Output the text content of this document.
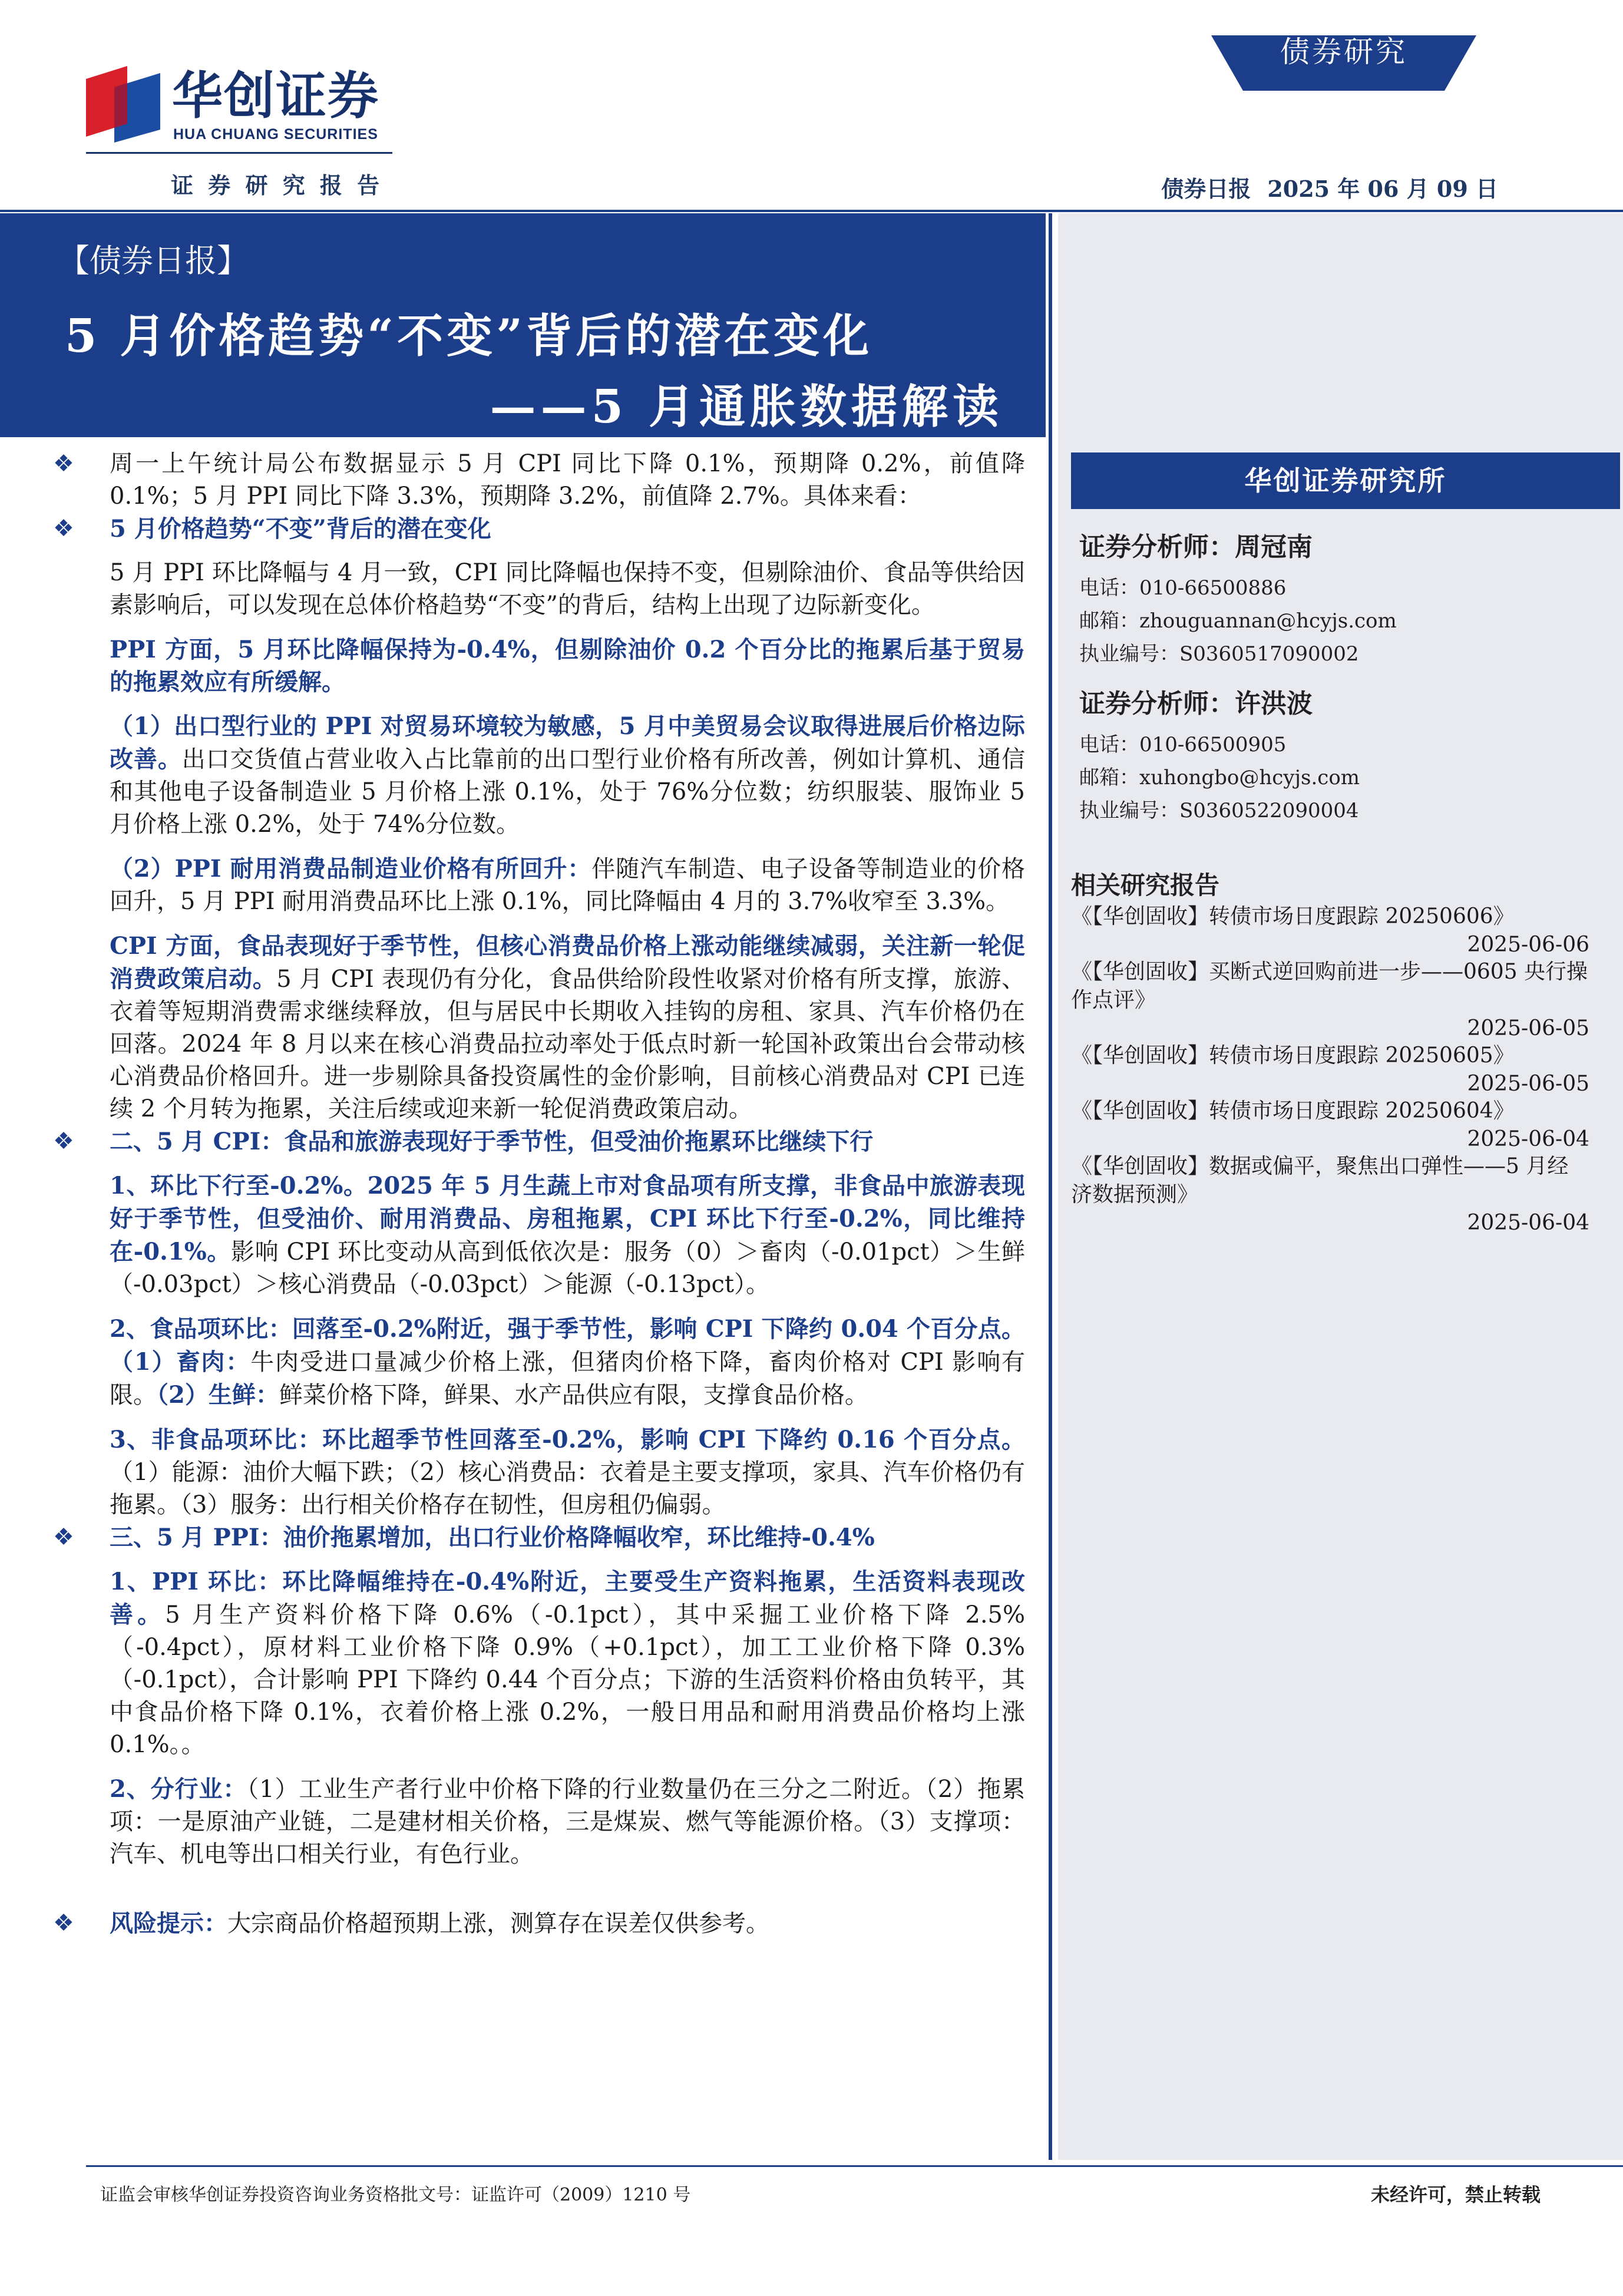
华创证券
HUA CHUANG SECURITIES
证 券 研 究 报 告
债券研究
债券日报 2025 年 06 月 09 日
【债券日报】
5 月价格趋势“不变”背后的潜在变化
——5 月通胀数据解读
❖	周一上午统计局公布数据显示 5 月 CPI 同比下降 0.1%，预期降 0.2%，前值降 0.1%；5 月 PPI 同比下降 3.3%，预期降 3.2%，前值降 2.7%。具体来看：

❖	5 月价格趋势“不变”背后的潜在变化

5 月 PPI 环比降幅与 4 月一致，CPI 同比降幅也保持不变，但剔除油价、食品等供给因素影响后，可以发现在总体价格趋势“不变”的背后，结构上出现了边际新变化。

PPI 方面，5 月环比降幅保持为-0.4%，但剔除油价 0.2 个百分比的拖累后基于贸易的拖累效应有所缓解。

（1）出口型行业的 PPI 对贸易环境较为敏感，5 月中美贸易会议取得进展后价格边际改善。出口交货值占营业收入占比靠前的出口型行业价格有所改善，例如计算机、通信和其他电子设备制造业 5 月价格上涨 0.1%，处于 76%分位数；纺织服装、服饰业 5 月价格上涨 0.2%，处于 74%分位数。

（2）PPI 耐用消费品制造业价格有所回升：伴随汽车制造、电子设备等制造业的价格回升，5 月 PPI 耐用消费品环比上涨 0.1%，同比降幅由 4 月的 3.7%收窄至 3.3%。

CPI 方面，食品表现好于季节性，但核心消费品价格上涨动能继续减弱，关注新一轮促消费政策启动。5 月 CPI 表现仍有分化，食品供给阶段性收紧对价格有所支撑，旅游、衣着等短期消费需求继续释放，但与居民中长期收入挂钩的房租、家具、汽车价格仍在回落。2024 年 8 月以来在核心消费品拉动率处于低点时新一轮国补政策出台会带动核心消费品价格回升。进一步剔除具备投资属性的金价影响，目前核心消费品对 CPI 已连续 2 个月转为拖累，关注后续或迎来新一轮促消费政策启动。

❖	二、5 月 CPI：食品和旅游表现好于季节性，但受油价拖累环比继续下行

1、环比下行至-0.2%。2025 年 5 月生蔬上市对食品项有所支撑，非食品中旅游表现好于季节性，但受油价、耐用消费品、房租拖累，CPI 环比下行至-0.2%，同比维持在-0.1%。影响 CPI 环比变动从高到低依次是：服务（0）＞畜肉（-0.01pct）＞生鲜（-0.03pct）＞核心消费品（-0.03pct）＞能源（-0.13pct）。

2、食品项环比：回落至-0.2%附近，强于季节性，影响 CPI 下降约 0.04 个百分点。（1）畜肉：牛肉受进口量减少价格上涨，但猪肉价格下降，畜肉价格对 CPI 影响有限。（2）生鲜：鲜菜价格下降，鲜果、水产品供应有限，支撑食品价格。

3、非食品项环比：环比超季节性回落至-0.2%，影响 CPI 下降约 0.16 个百分点。（1）能源：油价大幅下跌；（2）核心消费品：衣着是主要支撑项，家具、汽车价格仍有拖累。（3）服务：出行相关价格存在韧性，但房租仍偏弱。

❖	三、5 月 PPI：油价拖累增加，出口行业价格降幅收窄，环比维持-0.4%

1、PPI 环比：环比降幅维持在-0.4%附近，主要受生产资料拖累，生活资料表现改善。5 月生产资料价格下降 0.6%（-0.1pct），其中采掘工业价格下降 2.5%（-0.4pct），原材料工业价格下降 0.9%（+0.1pct），加工工业价格下降 0.3%（-0.1pct），合计影响 PPI 下降约 0.44 个百分点；下游的生活资料价格由负转平，其中食品价格下降 0.1%，衣着价格上涨 0.2%，一般日用品和耐用消费品价格均上涨 0.1%。。

2、分行业：（1）工业生产者行业中价格下降的行业数量仍在三分之二附近。（2）拖累项：一是原油产业链，二是建材相关价格，三是煤炭、燃气等能源价格。（3）支撑项：汽车、机电等出口相关行业，有色行业。

❖	风险提示：大宗商品价格超预期上涨，测算存在误差仅供参考。

华创证券研究所
证券分析师：周冠南
电话：010-66500886
邮箱：zhouguannan@hcyjs.com
执业编号：S0360517090002
证券分析师：许洪波
电话：010-66500905
邮箱：xuhongbo@hcyjs.com
执业编号：S0360522090004
相关研究报告
《【华创固收】转债市场日度跟踪 20250606》
2025-06-06
《【华创固收】买断式逆回购前进一步——0605 央行操作点评》
2025-06-05
《【华创固收】转债市场日度跟踪 20250605》
2025-06-05
《【华创固收】转债市场日度跟踪 20250604》
2025-06-04
《【华创固收】数据或偏平，聚焦出口弹性——5 月经济数据预测》
2025-06-04
证监会审核华创证券投资咨询业务资格批文号：证监许可（2009）1210 号	未经许可，禁止转载
